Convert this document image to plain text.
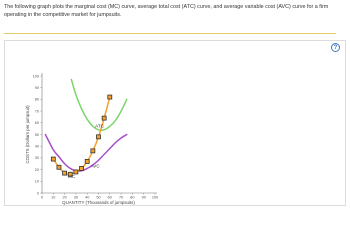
The following graph plots the marginal cost (MC) curve, average total cost (ATC) curve, and average variable cost (AVC) curve for a firm operating in the competitive market for jumpsuits.

?
0
10
20
30
40
50
60
70
80
90
100
0 10 20 30 40 50 60 70 80 90 100
MC
ATC
AVC
QUANTITY (Thousands of jumpsuits)
COSTS (Dollars per jumpsuit)
